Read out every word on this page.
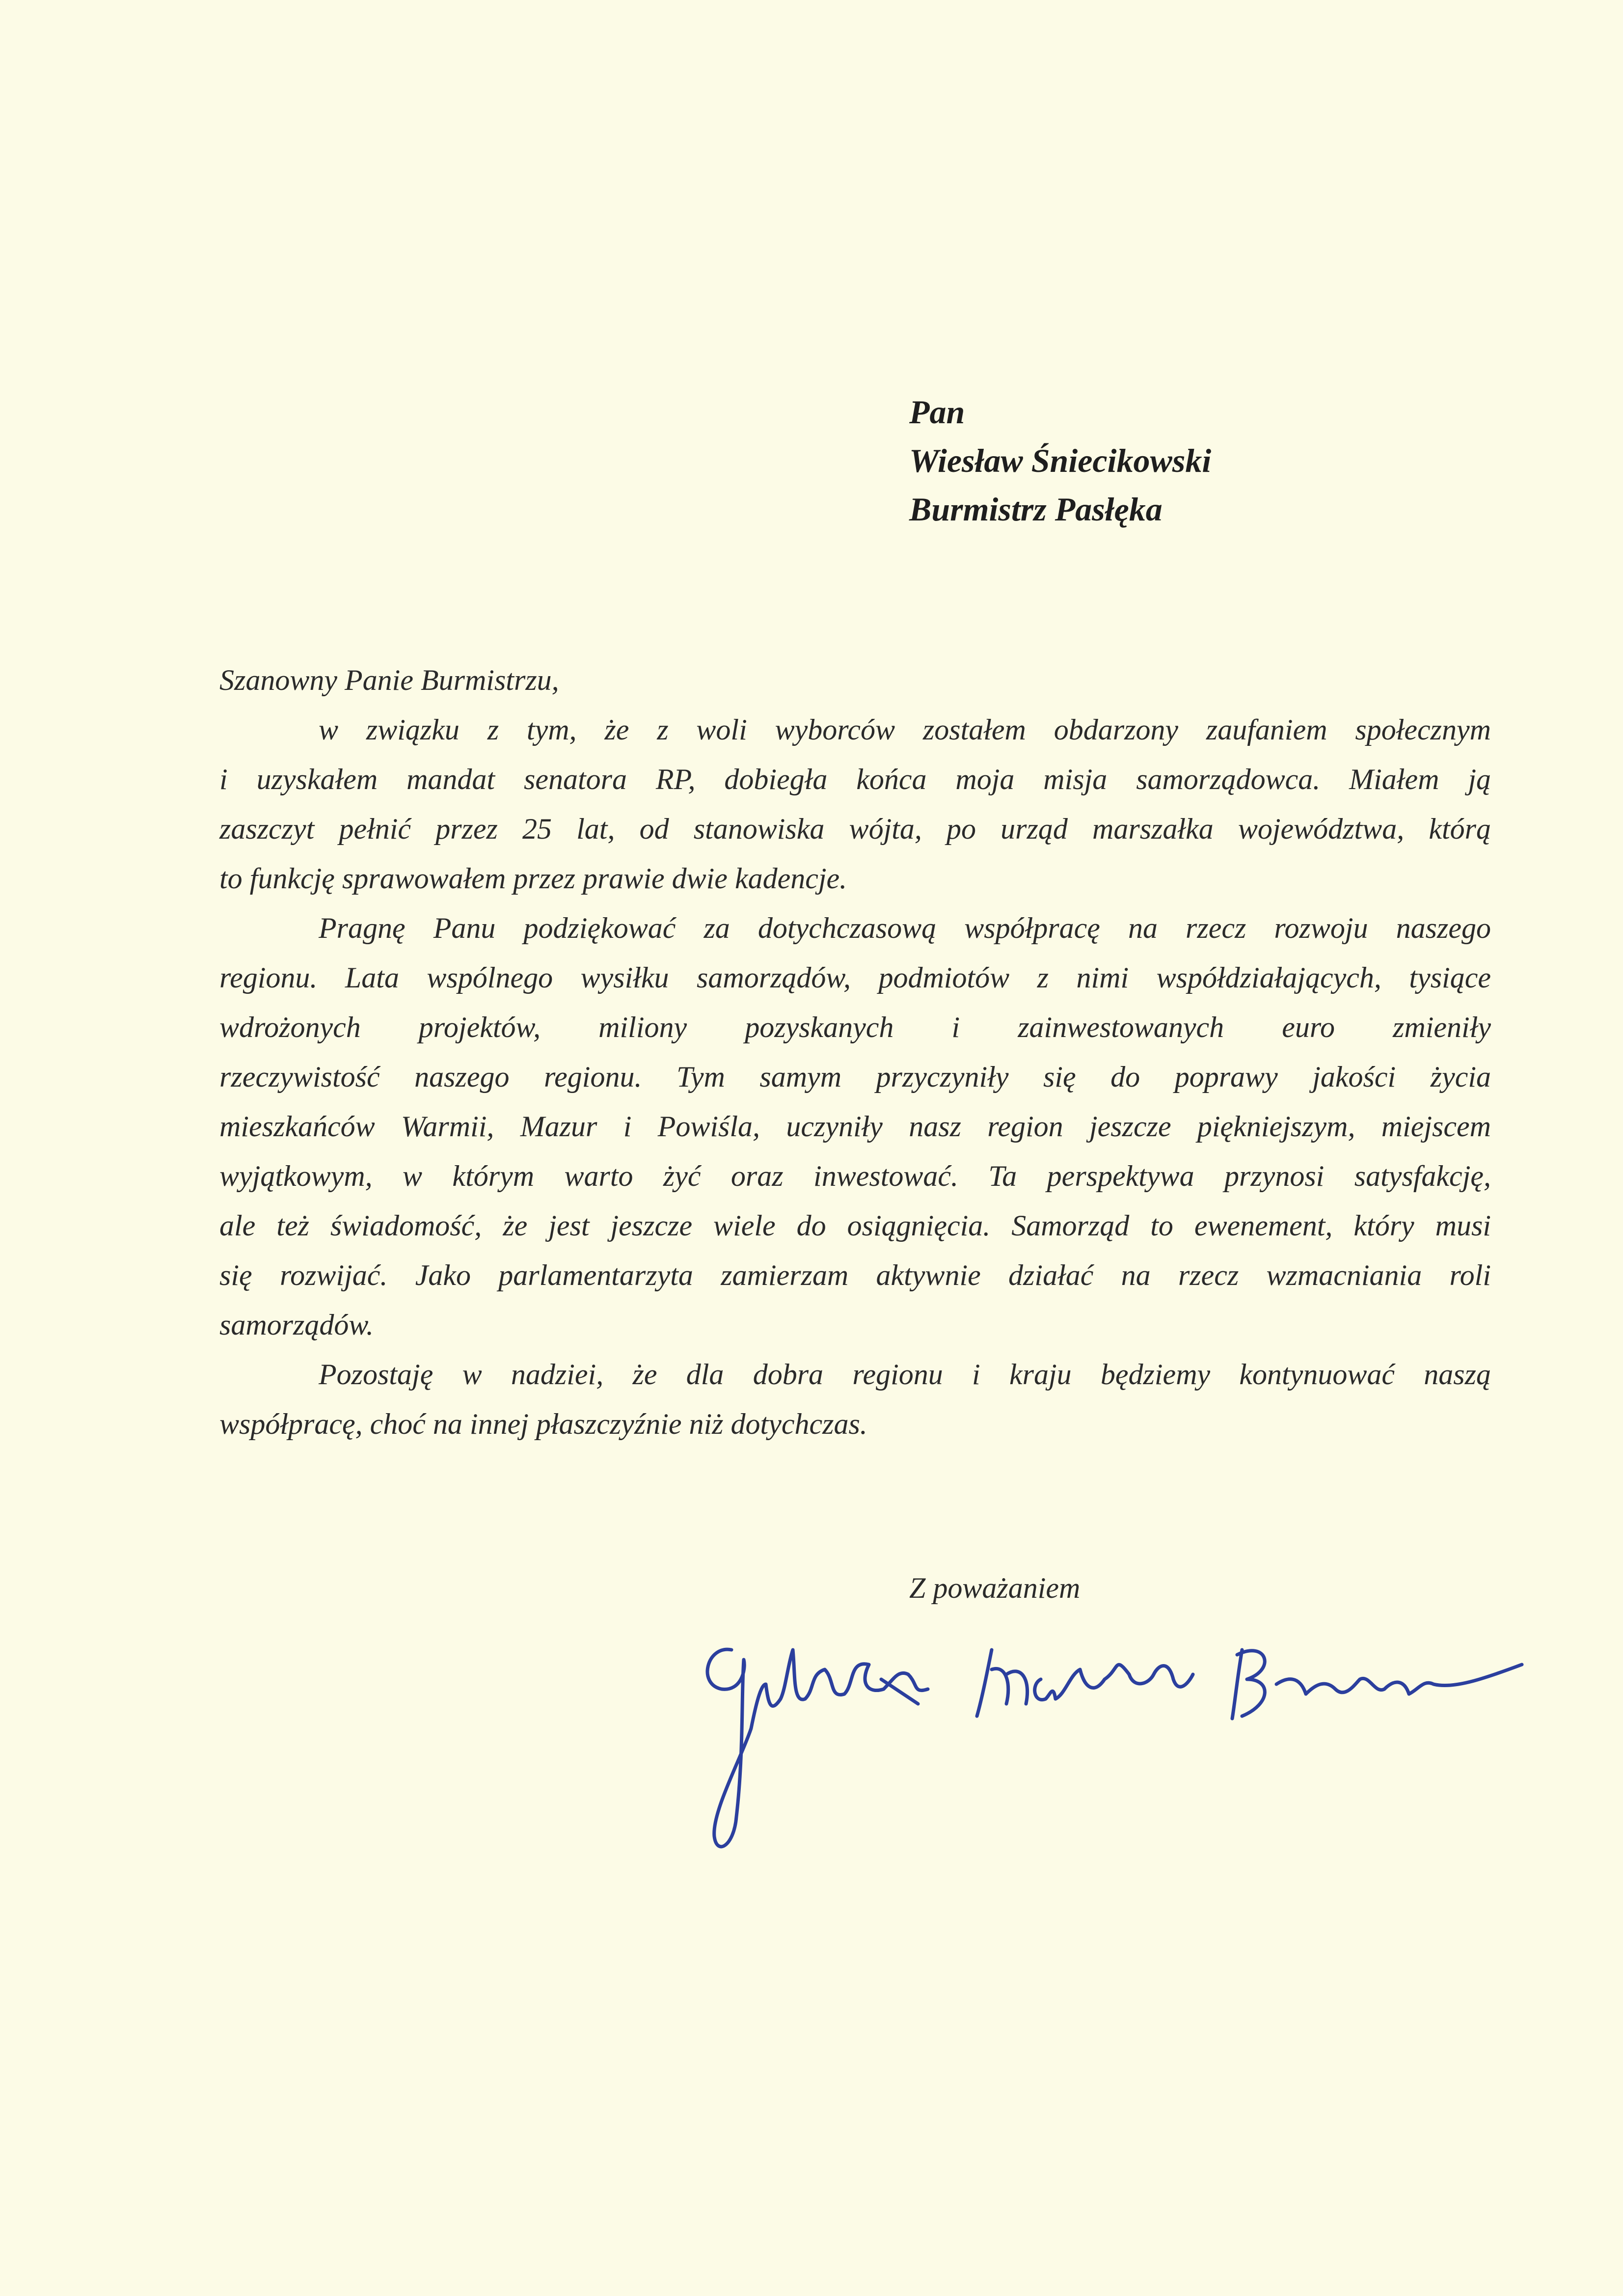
Pan
Wiesław Śniecikowski
Burmistrz Pasłęka
Szanowny Panie Burmistrzu,
w związku z tym, że z woli wyborców zostałem obdarzony zaufaniem społecznym
i uzyskałem mandat senatora RP, dobiegła końca moja misja samorządowca. Miałem ją
zaszczyt pełnić przez 25 lat, od stanowiska wójta, po urząd marszałka województwa, którą
to funkcję sprawowałem przez prawie dwie kadencje.
Pragnę Panu podziękować za dotychczasową współpracę na rzecz rozwoju naszego
regionu. Lata wspólnego wysiłku samorządów, podmiotów z nimi współdziałających, tysiące
wdrożonych projektów, miliony pozyskanych i zainwestowanych euro zmieniły
rzeczywistość naszego regionu. Tym samym przyczyniły się do poprawy jakości życia
mieszkańców Warmii, Mazur i Powiśla, uczyniły nasz region jeszcze piękniejszym, miejscem
wyjątkowym, w którym warto żyć oraz inwestować. Ta perspektywa przynosi satysfakcję,
ale też świadomość, że jest jeszcze wiele do osiągnięcia. Samorząd to ewenement, który musi
się rozwijać. Jako parlamentarzyta zamierzam aktywnie działać na rzecz wzmacniania roli
samorządów.
Pozostaję w nadziei, że dla dobra regionu i kraju będziemy kontynuować naszą
współpracę, choć na innej płaszczyźnie niż dotychczas.
Z poważaniem
